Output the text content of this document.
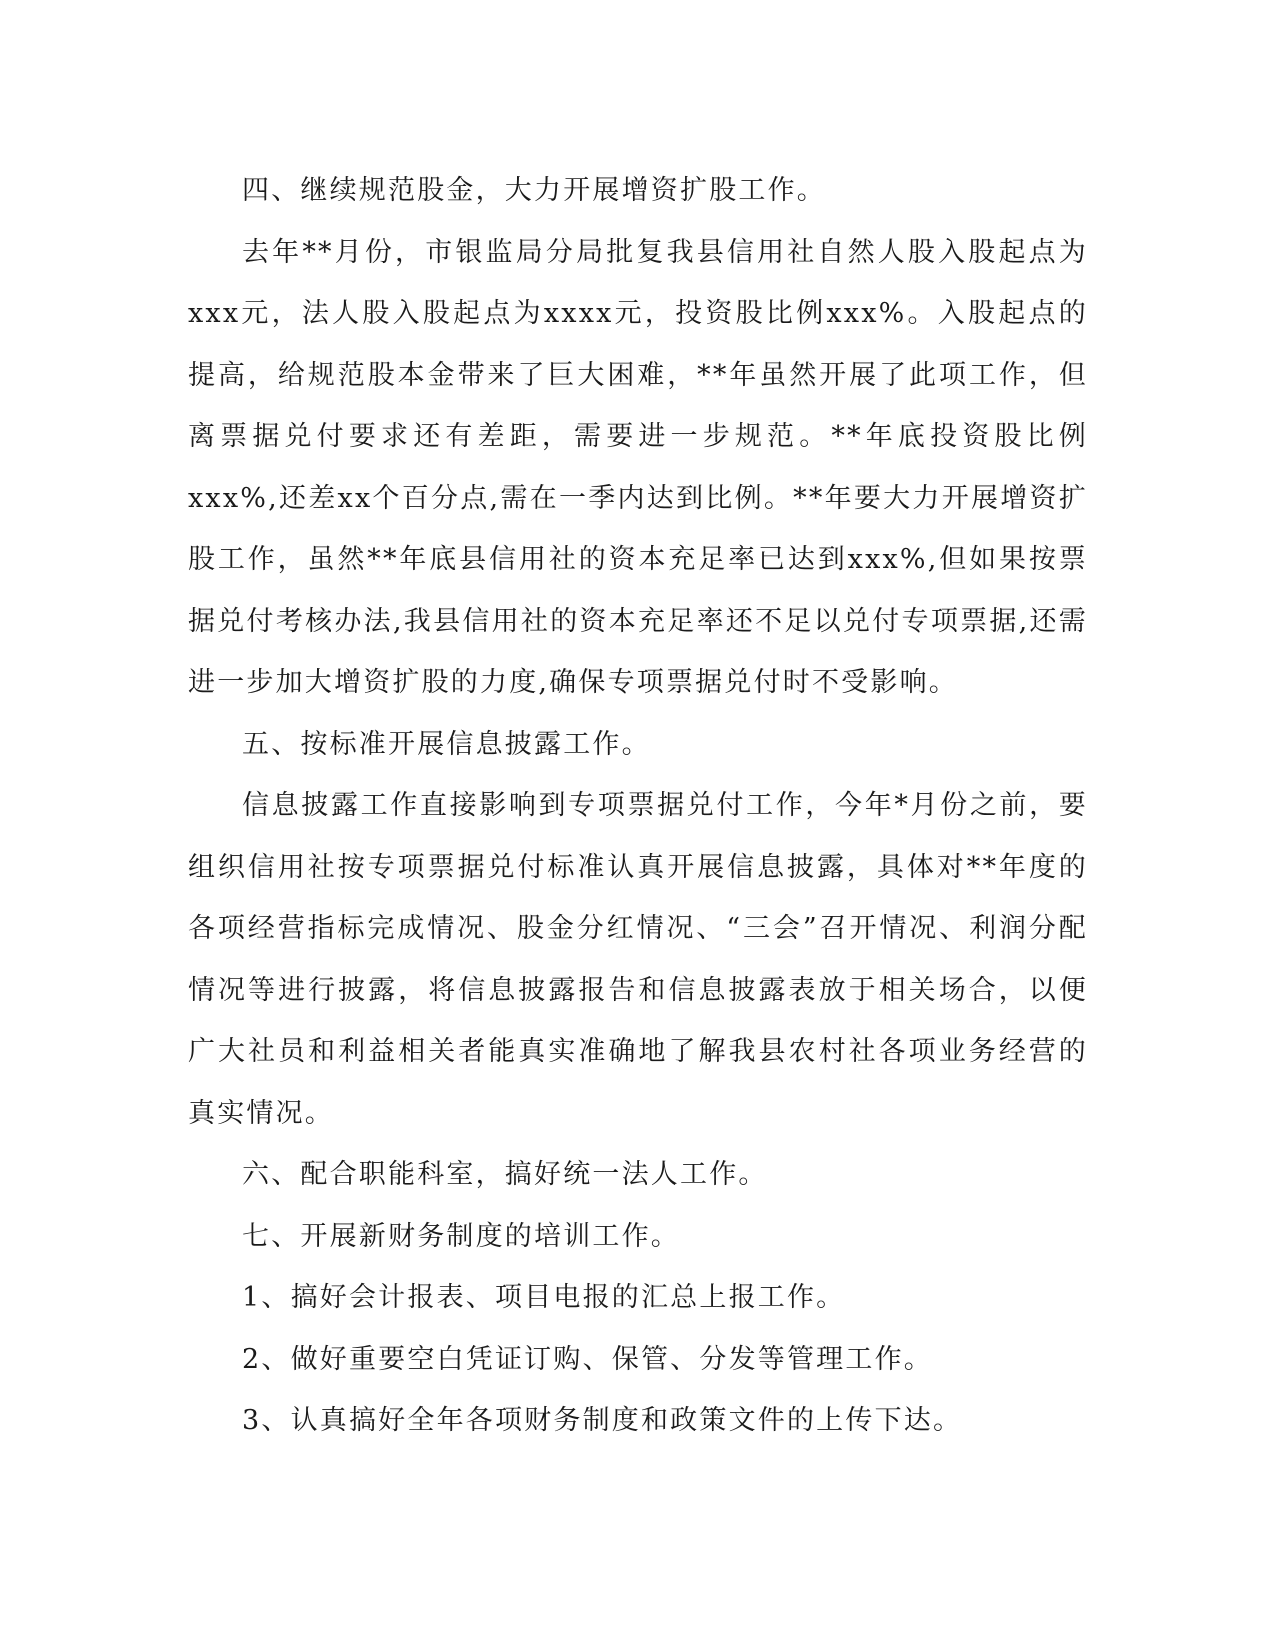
四、继续规范股金，大力开展增资扩股工作。

去年**月份，市银监局分局批复我县信用社自然人股入股起点为xxx元，法人股入股起点为xxxx元，投资股比例xxx%。入股起点的提高，给规范股本金带来了巨大困难，**年虽然开展了此项工作，但离票据兑付要求还有差距，需要进一步规范。**年底投资股比例xxx%,还差xx个百分点,需在一季内达到比例。**年要大力开展增资扩股工作，虽然**年底县信用社的资本充足率已达到xxx%,但如果按票据兑付考核办法,我县信用社的资本充足率还不足以兑付专项票据,还需进一步加大增资扩股的力度,确保专项票据兑付时不受影响。

五、按标准开展信息披露工作。

信息披露工作直接影响到专项票据兑付工作，今年*月份之前，要组织信用社按专项票据兑付标准认真开展信息披露，具体对**年度的各项经营指标完成情况、股金分红情况、“三会”召开情况、利润分配情况等进行披露，将信息披露报告和信息披露表放于相关场合，以便广大社员和利益相关者能真实准确地了解我县农村社各项业务经营的真实情况。

六、配合职能科室，搞好统一法人工作。

七、开展新财务制度的培训工作。

1、搞好会计报表、项目电报的汇总上报工作。

2、做好重要空白凭证订购、保管、分发等管理工作。

3、认真搞好全年各项财务制度和政策文件的上传下达。
